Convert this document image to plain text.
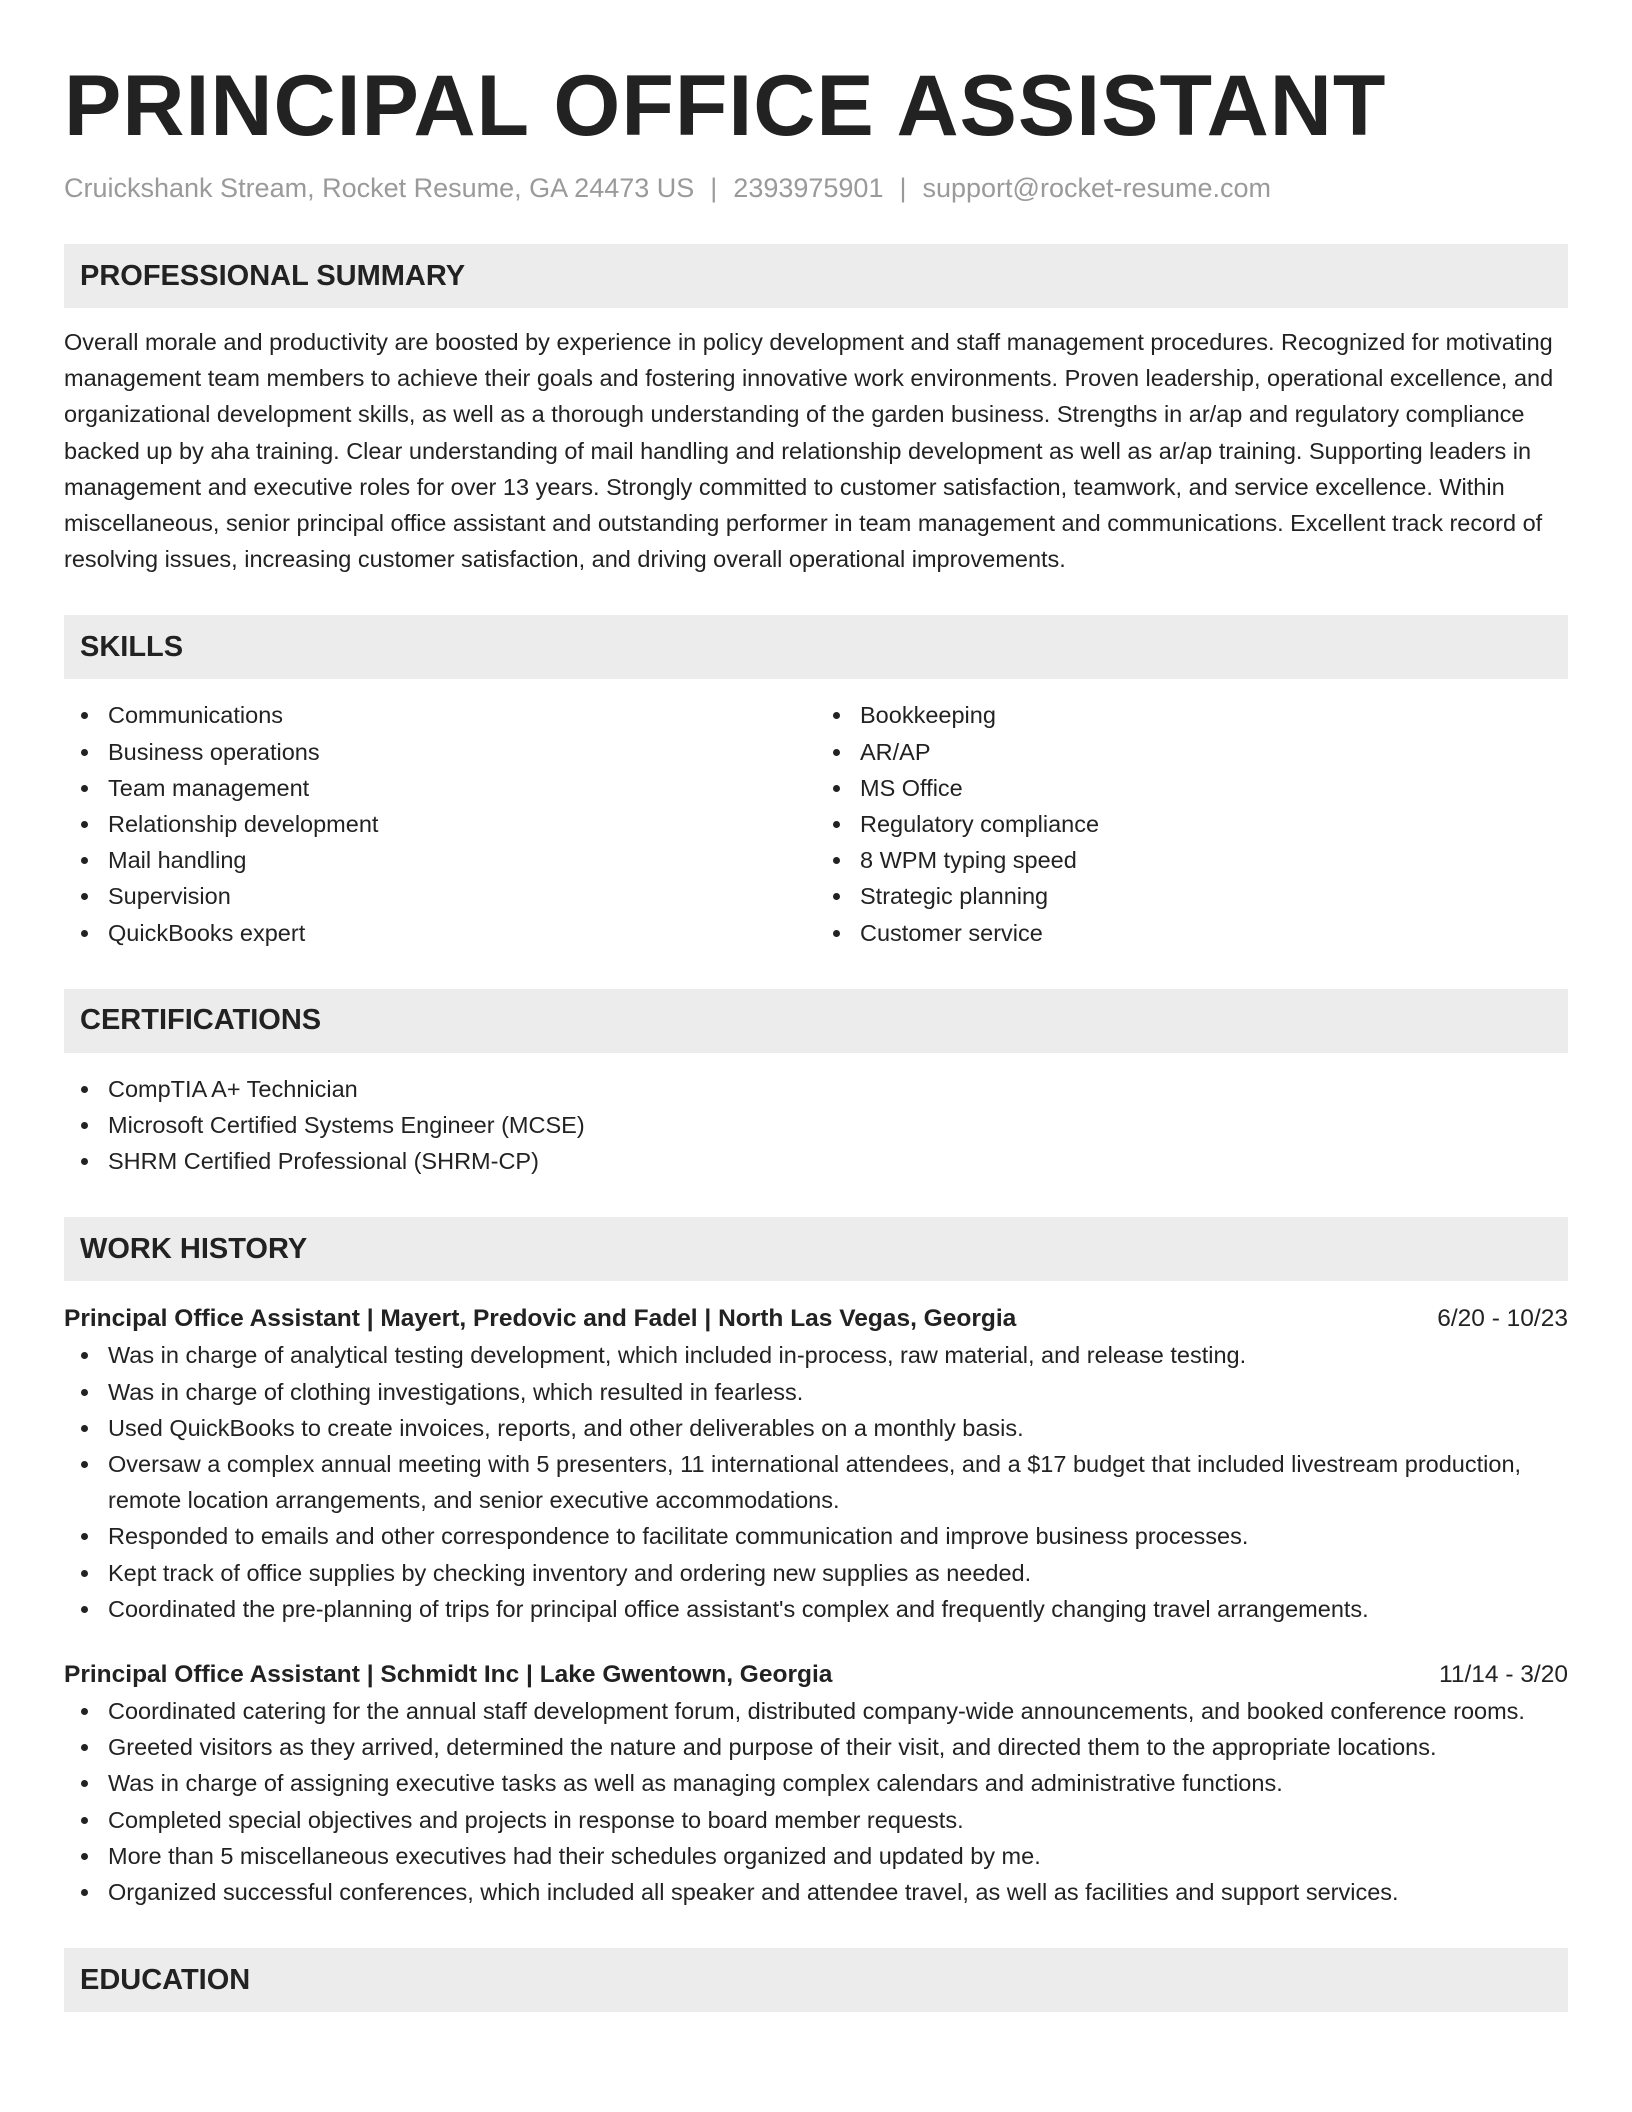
PRINCIPAL OFFICE ASSISTANT
Cruickshank Stream, Rocket Resume, GA 24473 US | 2393975901 | support@rocket-resume.com
PROFESSIONAL SUMMARY
Overall morale and productivity are boosted by experience in policy development and staff management procedures. Recognized for motivating management team members to achieve their goals and fostering innovative work environments. Proven leadership, operational excellence, and organizational development skills, as well as a thorough understanding of the garden business. Strengths in ar/ap and regulatory compliance backed up by aha training. Clear understanding of mail handling and relationship development as well as ar/ap training. Supporting leaders in management and executive roles for over 13 years. Strongly committed to customer satisfaction, teamwork, and service excellence. Within miscellaneous, senior principal office assistant and outstanding performer in team management and communications. Excellent track record of resolving issues, increasing customer satisfaction, and driving overall operational improvements.
SKILLS
Communications
Business operations
Team management
Relationship development
Mail handling
Supervision
QuickBooks expert
Bookkeeping
AR/AP
MS Office
Regulatory compliance
8 WPM typing speed
Strategic planning
Customer service
CERTIFICATIONS
CompTIA A+ Technician
Microsoft Certified Systems Engineer (MCSE)
SHRM Certified Professional (SHRM-CP)
WORK HISTORY
Principal Office Assistant | Mayert, Predovic and Fadel | North Las Vegas, Georgia	6/20 - 10/23
Was in charge of analytical testing development, which included in-process, raw material, and release testing.
Was in charge of clothing investigations, which resulted in fearless.
Used QuickBooks to create invoices, reports, and other deliverables on a monthly basis.
Oversaw a complex annual meeting with 5 presenters, 11 international attendees, and a $17 budget that included livestream production, remote location arrangements, and senior executive accommodations.
Responded to emails and other correspondence to facilitate communication and improve business processes.
Kept track of office supplies by checking inventory and ordering new supplies as needed.
Coordinated the pre-planning of trips for principal office assistant's complex and frequently changing travel arrangements.
Principal Office Assistant | Schmidt Inc | Lake Gwentown, Georgia	11/14 - 3/20
Coordinated catering for the annual staff development forum, distributed company-wide announcements, and booked conference rooms.
Greeted visitors as they arrived, determined the nature and purpose of their visit, and directed them to the appropriate locations.
Was in charge of assigning executive tasks as well as managing complex calendars and administrative functions.
Completed special objectives and projects in response to board member requests.
More than 5 miscellaneous executives had their schedules organized and updated by me.
Organized successful conferences, which included all speaker and attendee travel, as well as facilities and support services.
EDUCATION
